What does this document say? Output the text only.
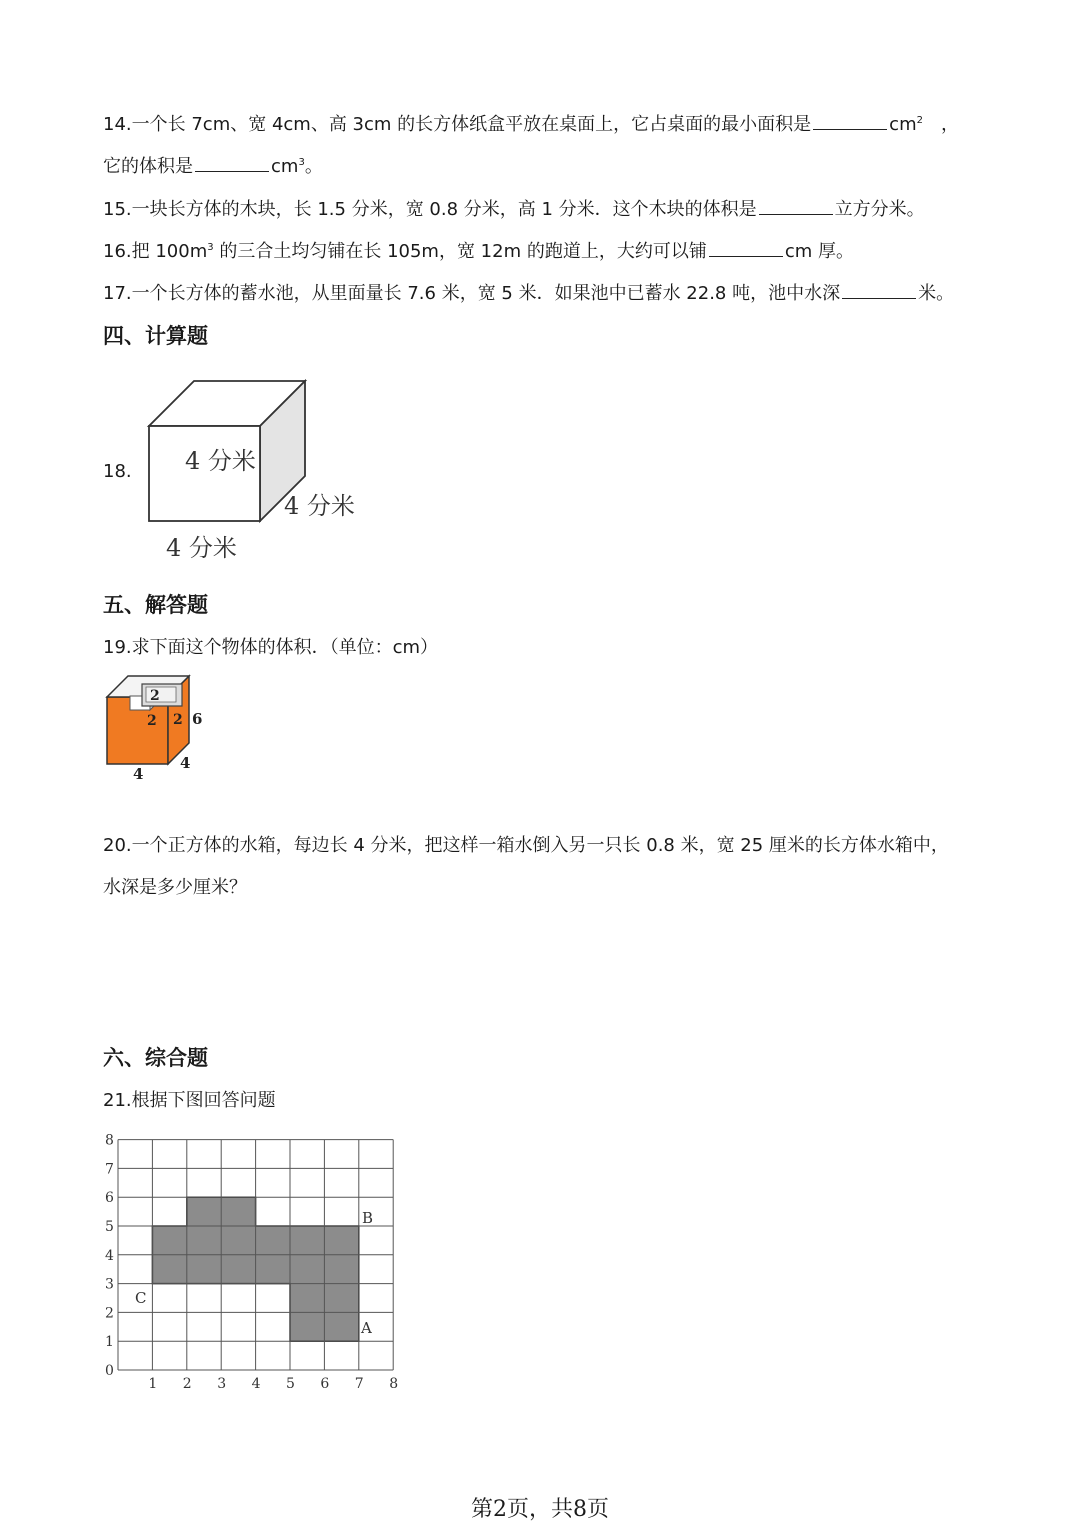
14.一个长 7cm、宽 4cm、高 3cm 的长方体纸盒平放在桌面上，它占桌面的最小面积是	$cm^2$ ，
它的体积是	$cm^3$。
15.一块长方体的木块，长 1.5 分米，宽 0.8 分米，高 1 分米．这个木块的体积是	立方分米。
16.把 $100m^3$ 的三合土均匀铺在长 105m，宽 12m 的跑道上，大约可以铺	cm 厚。
17.一个长方体的蓄水池，从里面量长 7.6 米，宽 5 米．如果池中已蓄水 22.8 吨，池中水深	米。
四、计算题
18. 4 分米
4 分米
4 分米
五、解答题
19.求下面这个物体的体积．（单位：cm）
2
2 2 6
4
4
20.一个正方体的水箱，每边长 4 分米，把这样一箱水倒入另一只长 0.8 米，宽 25 厘米的长方体水箱中，
水深是多少厘米？
六、综合题
21.根据下图回答问题
1 2 3 4 5 6 7 8
0
1
2
3
4
5
6
7
8
B
A
C
第2页，共8页
